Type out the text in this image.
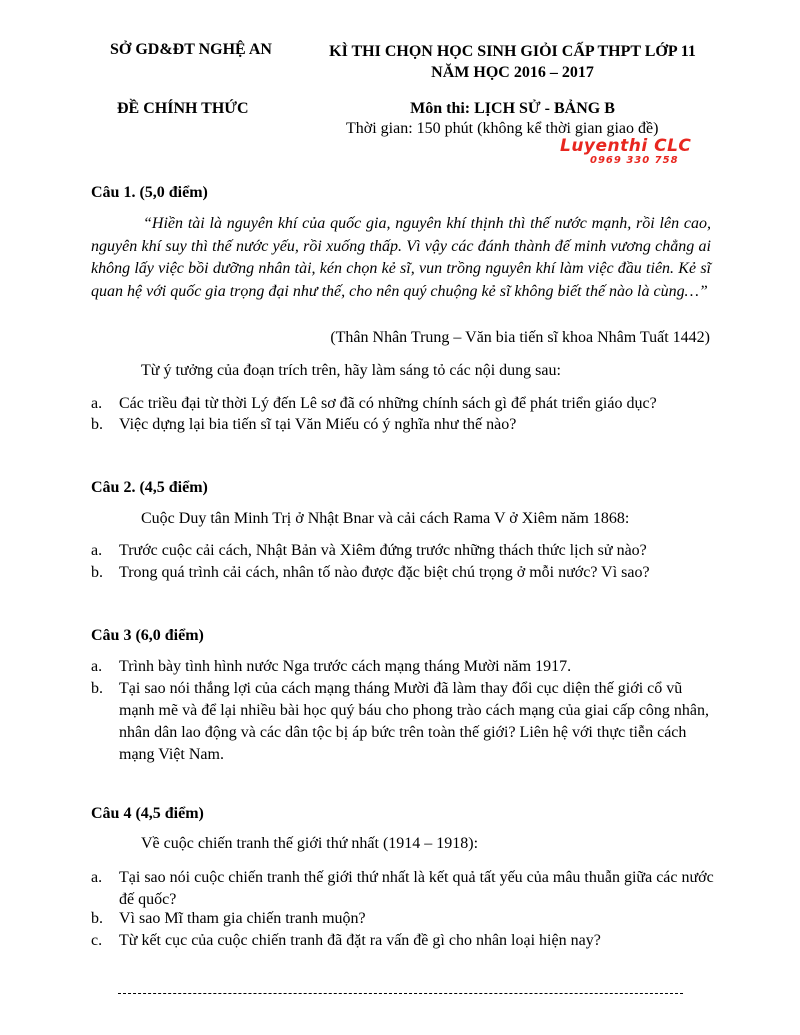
SỞ GD&ĐT NGHỆ AN	KÌ THI CHỌN HỌC SINH GIỎI CẤP THPT LỚP 11
NĂM HỌC 2016 – 2017
ĐỀ CHÍNH THỨC	Môn thi: LỊCH SỬ - BẢNG B
Thời gian: 150 phút (không kể thời gian giao đề)
Luyenthi CLC
0969 330 758
Câu 1. (5,0 điểm)
“Hiền tài là nguyên khí của quốc gia, nguyên khí thịnh thì thế nước mạnh, rồi lên cao, nguyên khí suy thì thế nước yếu, rồi xuống thấp. Vì vậy các đánh thành đế minh vương chẳng ai không lấy việc bồi dưỡng nhân tài, kén chọn kẻ sĩ, vun trồng nguyên khí làm việc đầu tiên. Kẻ sĩ quan hệ với quốc gia trọng đại như thế, cho nên quý chuộng kẻ sĩ không biết thế nào là cùng…”
(Thân Nhân Trung – Văn bia tiến sĩ khoa Nhâm Tuất 1442)
Từ ý tưởng của đoạn trích trên, hãy làm sáng tỏ các nội dung sau:
a.	Các triều đại từ thời Lý đến Lê sơ đã có những chính sách gì để phát triển giáo dục?
b.	Việc dựng lại bia tiến sĩ tại Văn Miếu có ý nghĩa như thế nào?
Câu 2. (4,5 điểm)
Cuộc Duy tân Minh Trị ở Nhật Bnar và cải cách Rama V ở Xiêm năm 1868:
a.	Trước cuộc cải cách, Nhật Bản và Xiêm đứng trước những thách thức lịch sử nào?
b.	Trong quá trình cải cách, nhân tố nào được đặc biệt chú trọng ở mỗi nước? Vì sao?
Câu 3 (6,0 điểm)
a.	Trình bày tình hình nước Nga trước cách mạng tháng Mười năm 1917.
b.	Tại sao nói thắng lợi của cách mạng tháng Mười đã làm thay đổi cục diện thế giới cổ vũ mạnh mẽ và để lại nhiều bài học quý báu cho phong trào cách mạng của giai cấp công nhân, nhân dân lao động và các dân tộc bị áp bức trên toàn thế giới? Liên hệ với thực tiễn cách mạng Việt Nam.
Câu 4 (4,5 điểm)
Về cuộc chiến tranh thế giới thứ nhất (1914 – 1918):
a.	Tại sao nói cuộc chiến tranh thế giới thứ nhất là kết quả tất yếu của mâu thuẫn giữa các nước đế quốc?
b.	Vì sao Mĩ tham gia chiến tranh muộn?
c.	Từ kết cục của cuộc chiến tranh đã đặt ra vấn đề gì cho nhân loại hiện nay?
